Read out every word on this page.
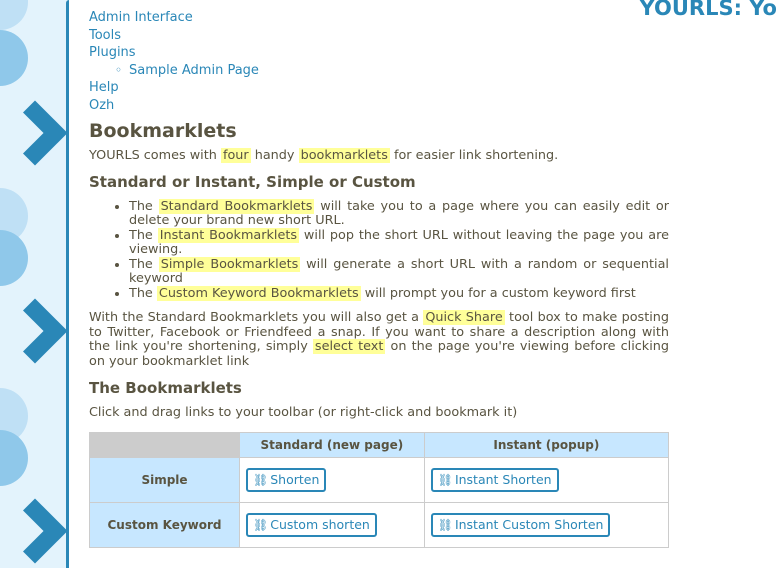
YOURLS: Yo
Admin Interface
Tools
Plugins
◦ Sample Admin Page
Help
Ozh
Bookmarklets

YOURLS comes with four handy bookmarklets for easier link shortening.

Standard or Instant, Simple or Custom
• The Standard Bookmarklets will take you to a page where you can easily edit or delete your brand new short URL.
• The Instant Bookmarklets will pop the short URL without leaving the page you are viewing.
• The Simple Bookmarklets will generate a short URL with a random or sequential keyword
• The Custom Keyword Bookmarklets will prompt you for a custom keyword first

With the Standard Bookmarklets you will also get a Quick Share tool box to make posting to Twitter, Facebook or Friendfeed a snap. If you want to share a description along with the link you're shortening, simply select text on the page you're viewing before clicking on your bookmarklet link

The Bookmarklets

Click and drag links to your toolbar (or right-click and bookmark it)

	Standard (new page)	Instant (popup)
Simple	⛓ Shorten	⛓ Instant Shorten
Custom Keyword	⛓ Custom shorten	⛓ Instant Custom Shorten
